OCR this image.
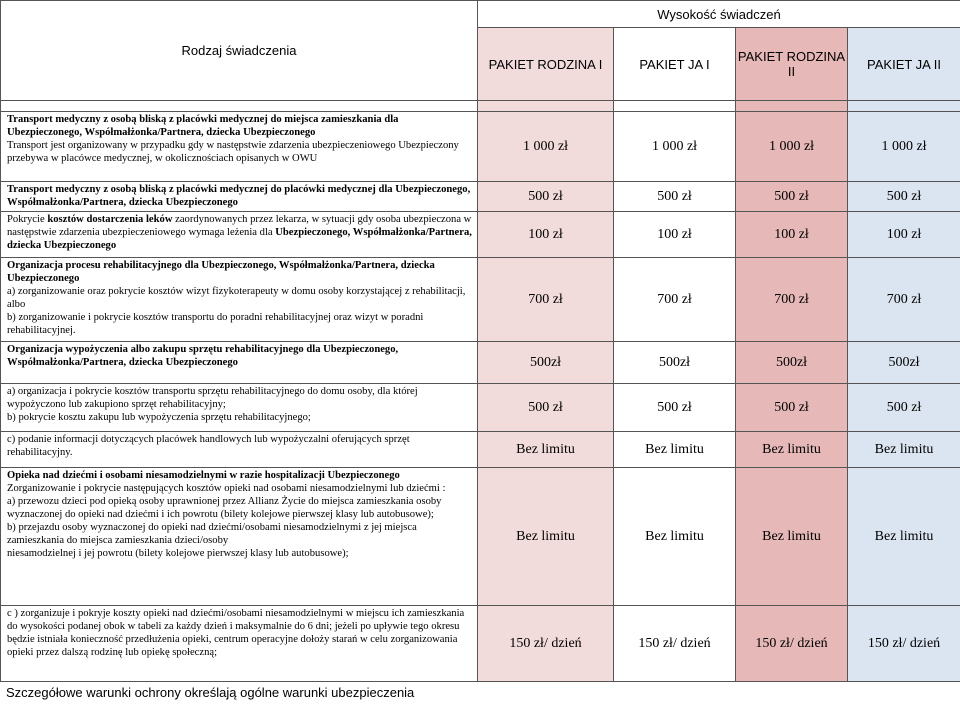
Rodzaj świadczenia	Wysokość świadczeń			
	PAKIET RODZINA I	PAKIET JA I	PAKIET RODZINA II	PAKIET JA II

Transport medyczny z osobą bliską z placówki medycznej do miejsca zamieszkania dla Ubezpieczonego, Współmałżonka/Partnera, dziecka Ubezpieczonego

Transport jest organizowany w przypadku gdy w następstwie zdarzenia ubezpieczeniowego Ubezpieczony przebywa w placówce medycznej, w okolicznościach opisanych w OWU	1 000 zł	1 000 zł	1 000 zł	1 000 zł

Transport medyczny z osobą bliską z placówki medycznej do placówki medycznej dla Ubezpieczonego, Współmałżonka/Partnera, dziecka Ubezpieczonego	500 zł	500 zł	500 zł	500 zł

Pokrycie kosztów dostarczenia leków zaordynowanych przez lekarza, w sytuacji gdy osoba ubezpieczona w następstwie zdarzenia ubezpieczeniowego wymaga leżenia dla Ubezpieczonego, Współmałżonka/Partnera, dziecka Ubezpieczonego	100 zł	100 zł	100 zł	100 zł

Organizacja procesu rehabilitacyjnego dla Ubezpieczonego, Współmałżonka/Partnera, dziecka Ubezpieczonego

a) zorganizowanie oraz pokrycie kosztów wizyt fizykoterapeuty w domu osoby korzystającej z rehabilitacji, albo

b) zorganizowanie i pokrycie kosztów transportu do poradni rehabilitacyjnej oraz wizyt w poradni rehabilitacyjnej.	700 zł	700 zł	700 zł	700 zł

Organizacja wypożyczenia albo zakupu sprzętu rehabilitacyjnego dla Ubezpieczonego, Współmałżonka/Partnera, dziecka Ubezpieczonego	500zł	500zł	500zł	500zł

a) organizacja i pokrycie kosztów transportu sprzętu rehabilitacyjnego do domu osoby, dla której wypożyczono lub zakupiono sprzęt rehabilitacyjny;

b) pokrycie kosztu zakupu lub wypożyczenia sprzętu rehabilitacyjnego;	500 zł	500 zł	500 zł	500 zł

c) podanie informacji dotyczących placówek handlowych lub wypożyczalni oferujących sprzęt rehabilitacyjny.	Bez limitu	Bez limitu	Bez limitu	Bez limitu

Opieka nad dziećmi i osobami niesamodzielnymi w razie hospitalizacji Ubezpieczonego

Zorganizowanie i pokrycie następujących kosztów opieki nad osobami niesamodzielnymi lub dziećmi :

a) przewozu dzieci pod opieką osoby uprawnionej przez Allianz Życie do miejsca zamieszkania osoby wyznaczonej do opieki nad dziećmi i ich powrotu (bilety kolejowe pierwszej klasy lub autobusowe);

b) przejazdu osoby wyznaczonej do opieki nad dziećmi/osobami niesamodzielnymi z jej miejsca zamieszkania do miejsca zamieszkania dzieci/osoby

niesamodzielnej i jej powrotu (bilety kolejowe pierwszej klasy lub autobusowe);	Bez limitu	Bez limitu	Bez limitu	Bez limitu

c ) zorganizuje i pokryje koszty opieki nad dziećmi/osobami niesamodzielnymi w miejscu ich zamieszkania do wysokości podanej obok w tabeli za każdy dzień i maksymalnie do 6 dni; jeżeli po upływie tego okresu będzie istniała konieczność przedłużenia opieki, centrum operacyjne dołoży starań w celu zorganizowania opieki przez dalszą rodzinę lub opiekę społeczną;	150 zł/ dzień	150 zł/ dzień	150 zł/ dzień	150 zł/ dzień
Szczegółowe warunki ochrony określają ogólne warunki ubezpieczenia
